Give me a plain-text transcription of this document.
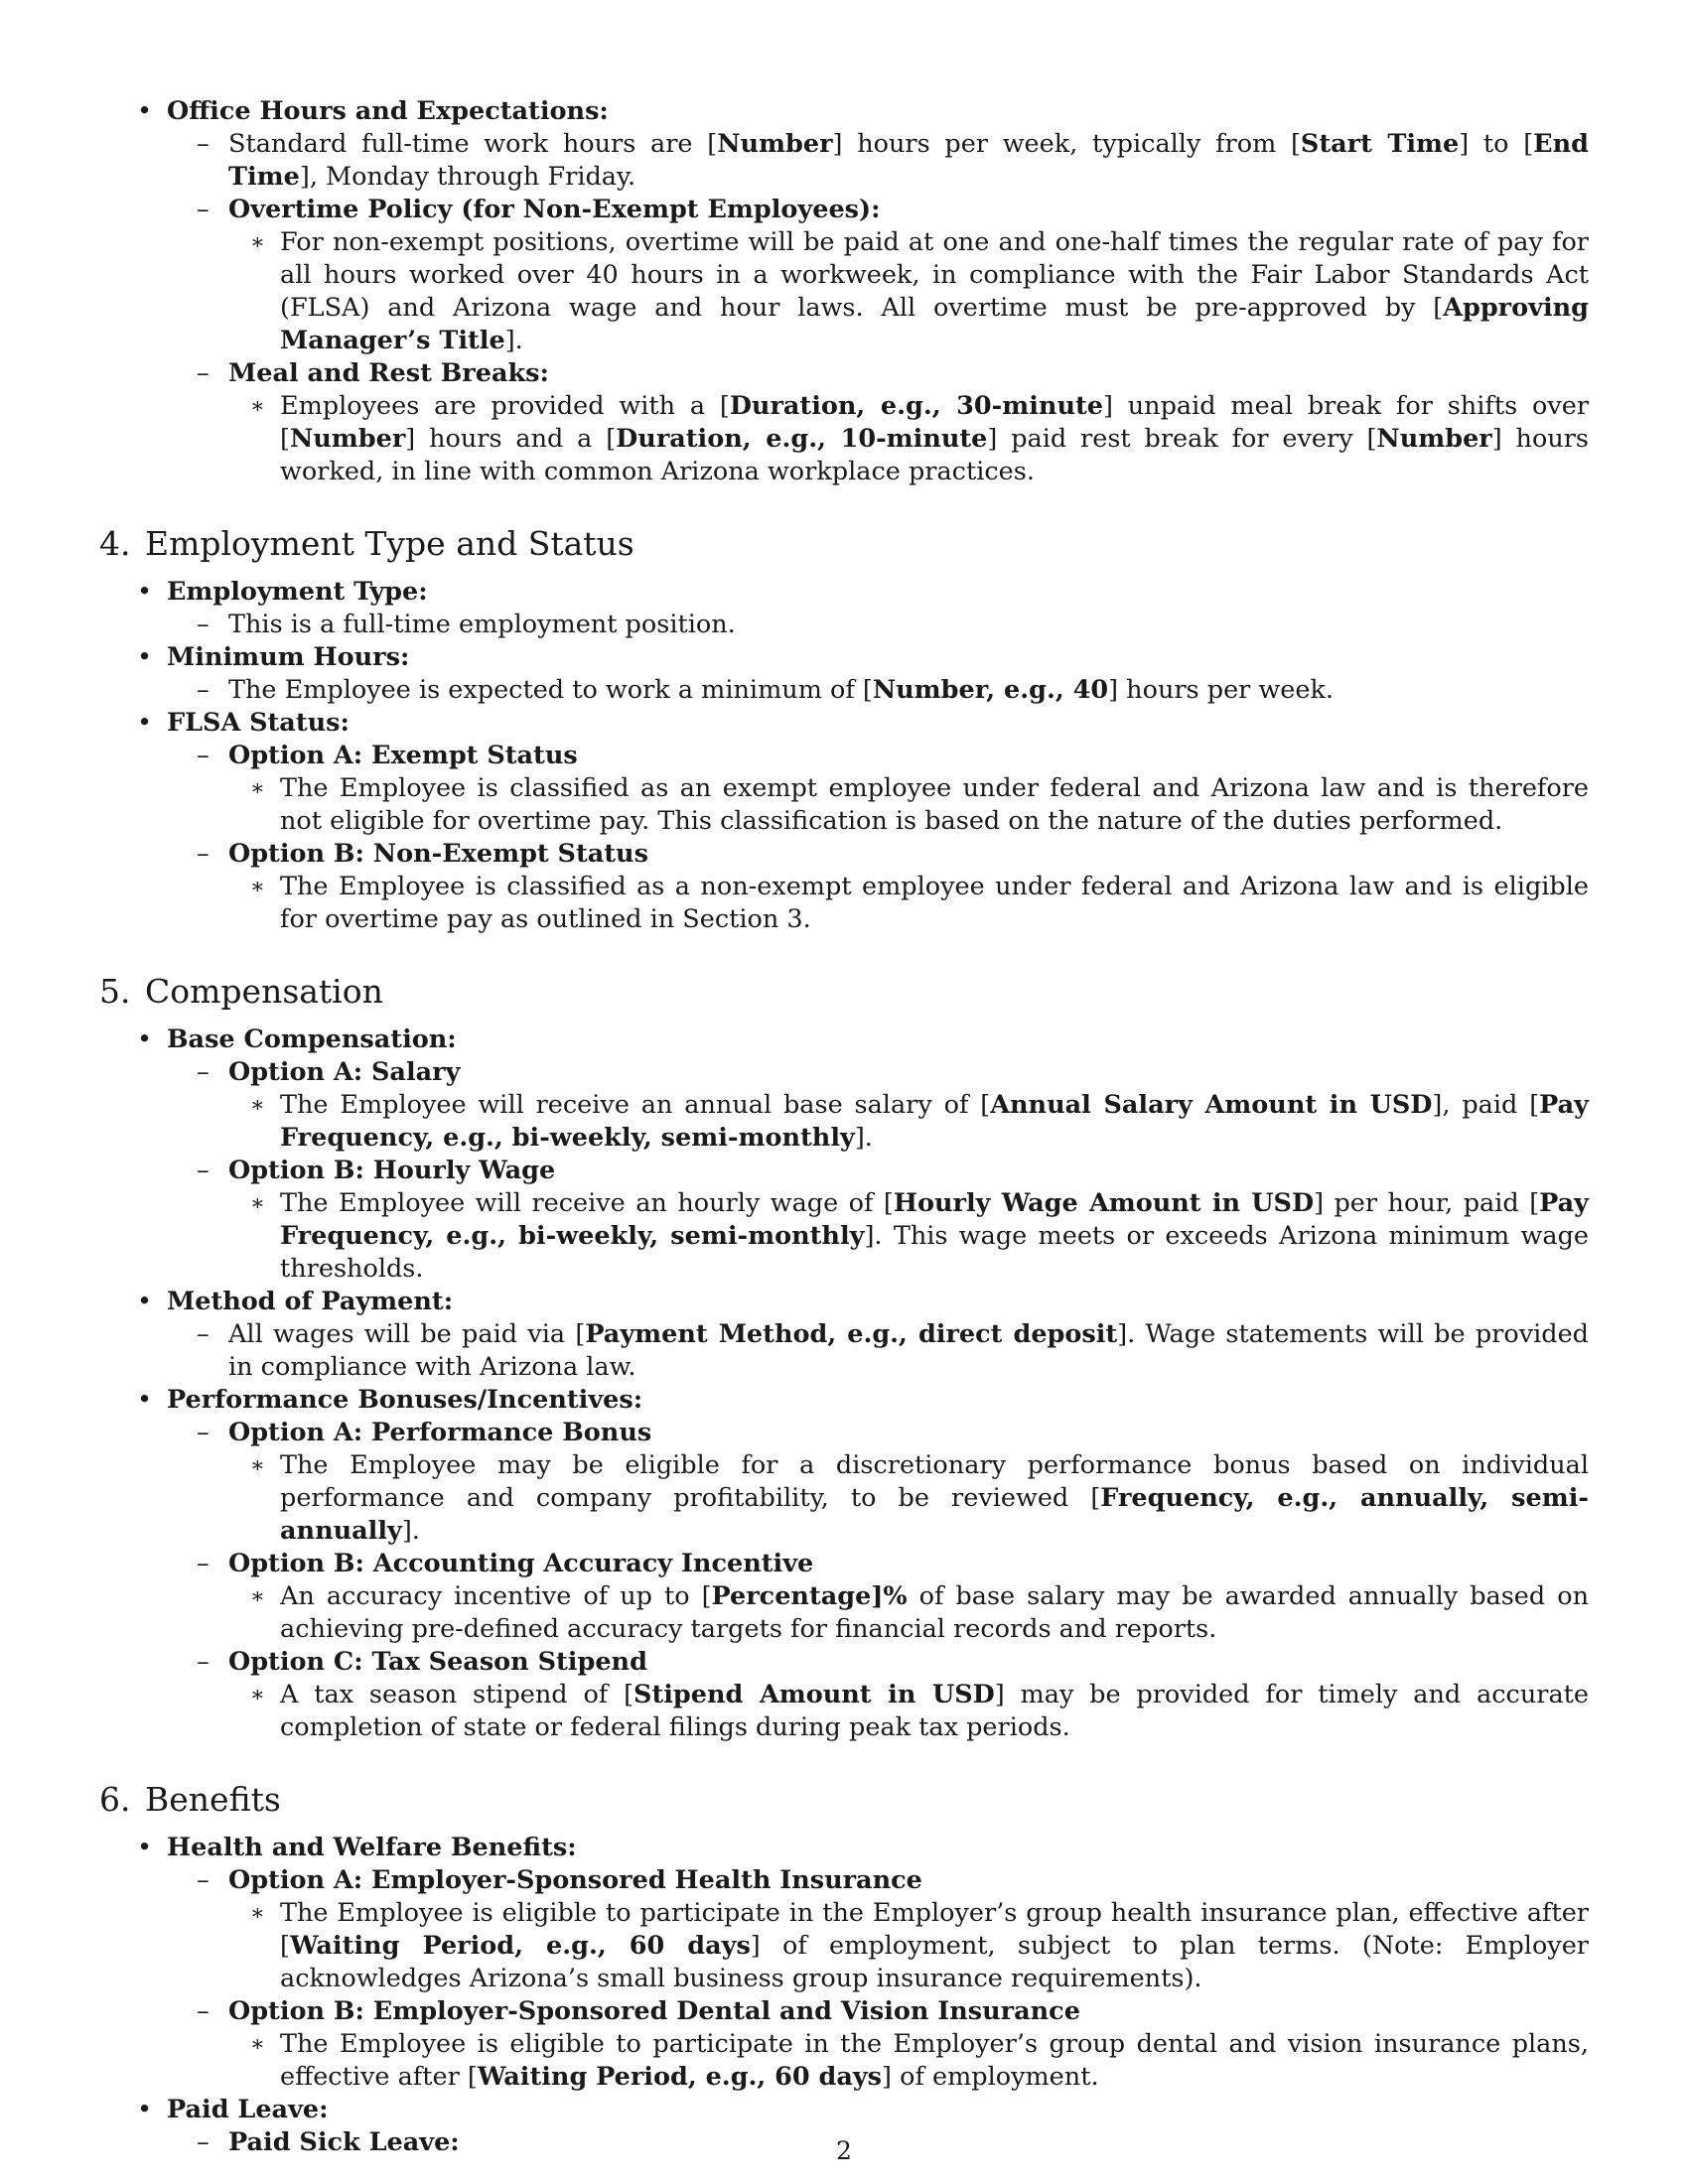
• Office Hours and Expectations:
– Standard full-time work hours are [Number] hours per week, typically from [Start Time] to [End Time], Monday through Friday.
– Overtime Policy (for Non-Exempt Employees):
∗ For non-exempt positions, overtime will be paid at one and one-half times the regular rate of pay for all hours worked over 40 hours in a workweek, in compliance with the Fair Labor Standards Act (FLSA) and Arizona wage and hour laws. All overtime must be pre-approved by [Approving Manager’s Title].
– Meal and Rest Breaks:
∗ Employees are provided with a [Duration, e.g., 30-minute] unpaid meal break for shifts over [Number] hours and a [Duration, e.g., 10-minute] paid rest break for every [Number] hours worked, in line with common Arizona workplace practices.
4. Employment Type and Status
• Employment Type:
– This is a full-time employment position.
• Minimum Hours:
– The Employee is expected to work a minimum of [Number, e.g., 40] hours per week.
• FLSA Status:
– Option A: Exempt Status
∗ The Employee is classified as an exempt employee under federal and Arizona law and is therefore not eligible for overtime pay. This classification is based on the nature of the duties performed.
– Option B: Non-Exempt Status
∗ The Employee is classified as a non-exempt employee under federal and Arizona law and is eligible for overtime pay as outlined in Section 3.
5. Compensation
• Base Compensation:
– Option A: Salary
∗ The Employee will receive an annual base salary of [Annual Salary Amount in USD], paid [Pay Frequency, e.g., bi-weekly, semi-monthly].
– Option B: Hourly Wage
∗ The Employee will receive an hourly wage of [Hourly Wage Amount in USD] per hour, paid [Pay Frequency, e.g., bi-weekly, semi-monthly]. This wage meets or exceeds Arizona minimum wage thresholds.
• Method of Payment:
– All wages will be paid via [Payment Method, e.g., direct deposit]. Wage statements will be provided in compliance with Arizona law.
• Performance Bonuses/Incentives:
– Option A: Performance Bonus
∗ The Employee may be eligible for a discretionary performance bonus based on individual performance and company profitability, to be reviewed [Frequency, e.g., annually, semi-annually].
– Option B: Accounting Accuracy Incentive
∗ An accuracy incentive of up to [Percentage]% of base salary may be awarded annually based on achieving pre-defined accuracy targets for financial records and reports.
– Option C: Tax Season Stipend
∗ A tax season stipend of [Stipend Amount in USD] may be provided for timely and accurate completion of state or federal filings during peak tax periods.
6. Benefits
• Health and Welfare Benefits:
– Option A: Employer-Sponsored Health Insurance
∗ The Employee is eligible to participate in the Employer’s group health insurance plan, effective after [Waiting Period, e.g., 60 days] of employment, subject to plan terms. (Note: Employer acknowledges Arizona’s small business group insurance requirements).
– Option B: Employer-Sponsored Dental and Vision Insurance
∗ The Employee is eligible to participate in the Employer’s group dental and vision insurance plans, effective after [Waiting Period, e.g., 60 days] of employment.
• Paid Leave:
– Paid Sick Leave:	2
